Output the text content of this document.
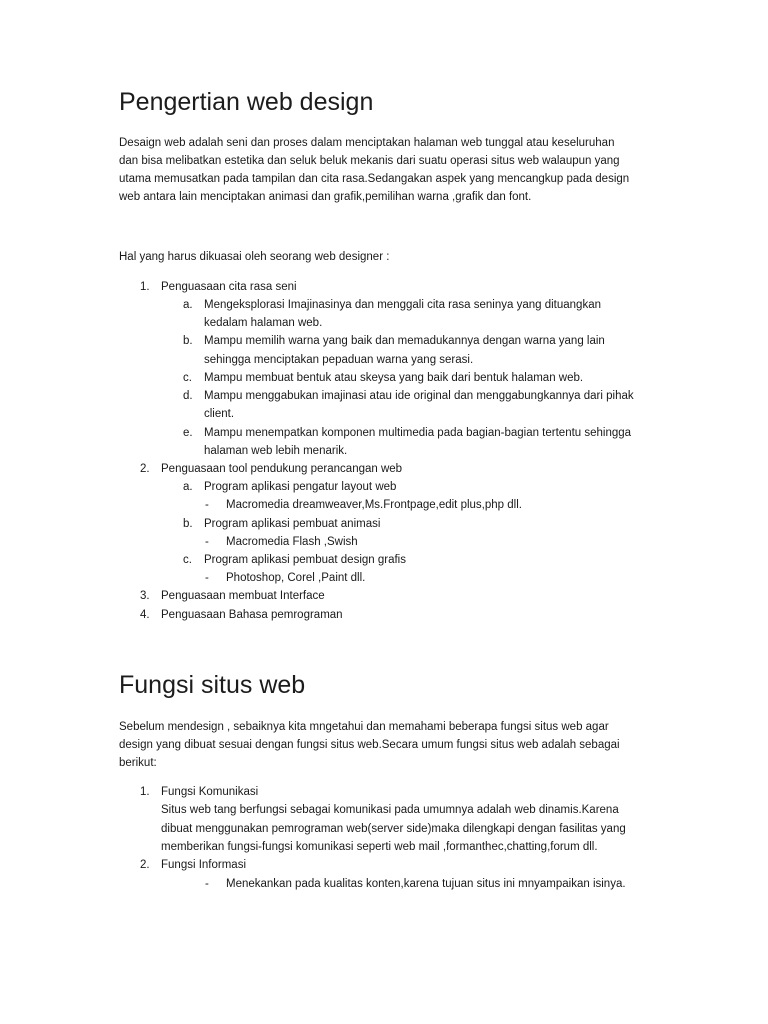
Pengertian web design
Desaign web adalah seni dan proses dalam menciptakan halaman web tunggal atau keseluruhan
dan bisa melibatkan estetika dan seluk beluk mekanis dari suatu operasi situs web walaupun yang
utama memusatkan pada tampilan dan cita rasa.Sedangakan aspek yang mencangkup pada design
web antara lain menciptakan animasi dan grafik,pemilihan warna ,grafik dan font.
Hal yang harus dikuasai oleh seorang web designer :
1. Penguasaan cita rasa seni
a. Mengeksplorasi Imajinasinya dan menggali cita rasa seninya yang dituangkan
kedalam halaman web.
b. Mampu memilih warna yang baik dan memadukannya dengan warna yang lain
sehingga menciptakan pepaduan warna yang serasi.
c. Mampu membuat bentuk atau skeysa yang baik dari bentuk halaman web.
d. Mampu menggabukan imajinasi atau ide original dan menggabungkannya dari pihak
client.
e. Mampu menempatkan komponen multimedia pada bagian-bagian tertentu sehingga
halaman web lebih menarik.
2. Penguasaan tool pendukung perancangan web
a. Program aplikasi pengatur layout web
- Macromedia dreamweaver,Ms.Frontpage,edit plus,php dll.
b. Program aplikasi pembuat animasi
- Macromedia Flash ,Swish
c. Program aplikasi pembuat design grafis
- Photoshop, Corel ,Paint dll.
3. Penguasaan membuat Interface
4. Penguasaan Bahasa pemrograman
Fungsi situs web
Sebelum mendesign , sebaiknya kita mngetahui dan memahami beberapa fungsi situs web agar
design yang dibuat sesuai dengan fungsi situs web.Secara umum fungsi situs web adalah sebagai
berikut:
1. Fungsi Komunikasi
Situs web tang berfungsi sebagai komunikasi pada umumnya adalah web dinamis.Karena
dibuat menggunakan pemrograman web(server side)maka dilengkapi dengan fasilitas yang
memberikan fungsi-fungsi komunikasi seperti web mail ,formanthec,chatting,forum dll.
2. Fungsi Informasi
- Menekankan pada kualitas konten,karena tujuan situs ini mnyampaikan isinya.
